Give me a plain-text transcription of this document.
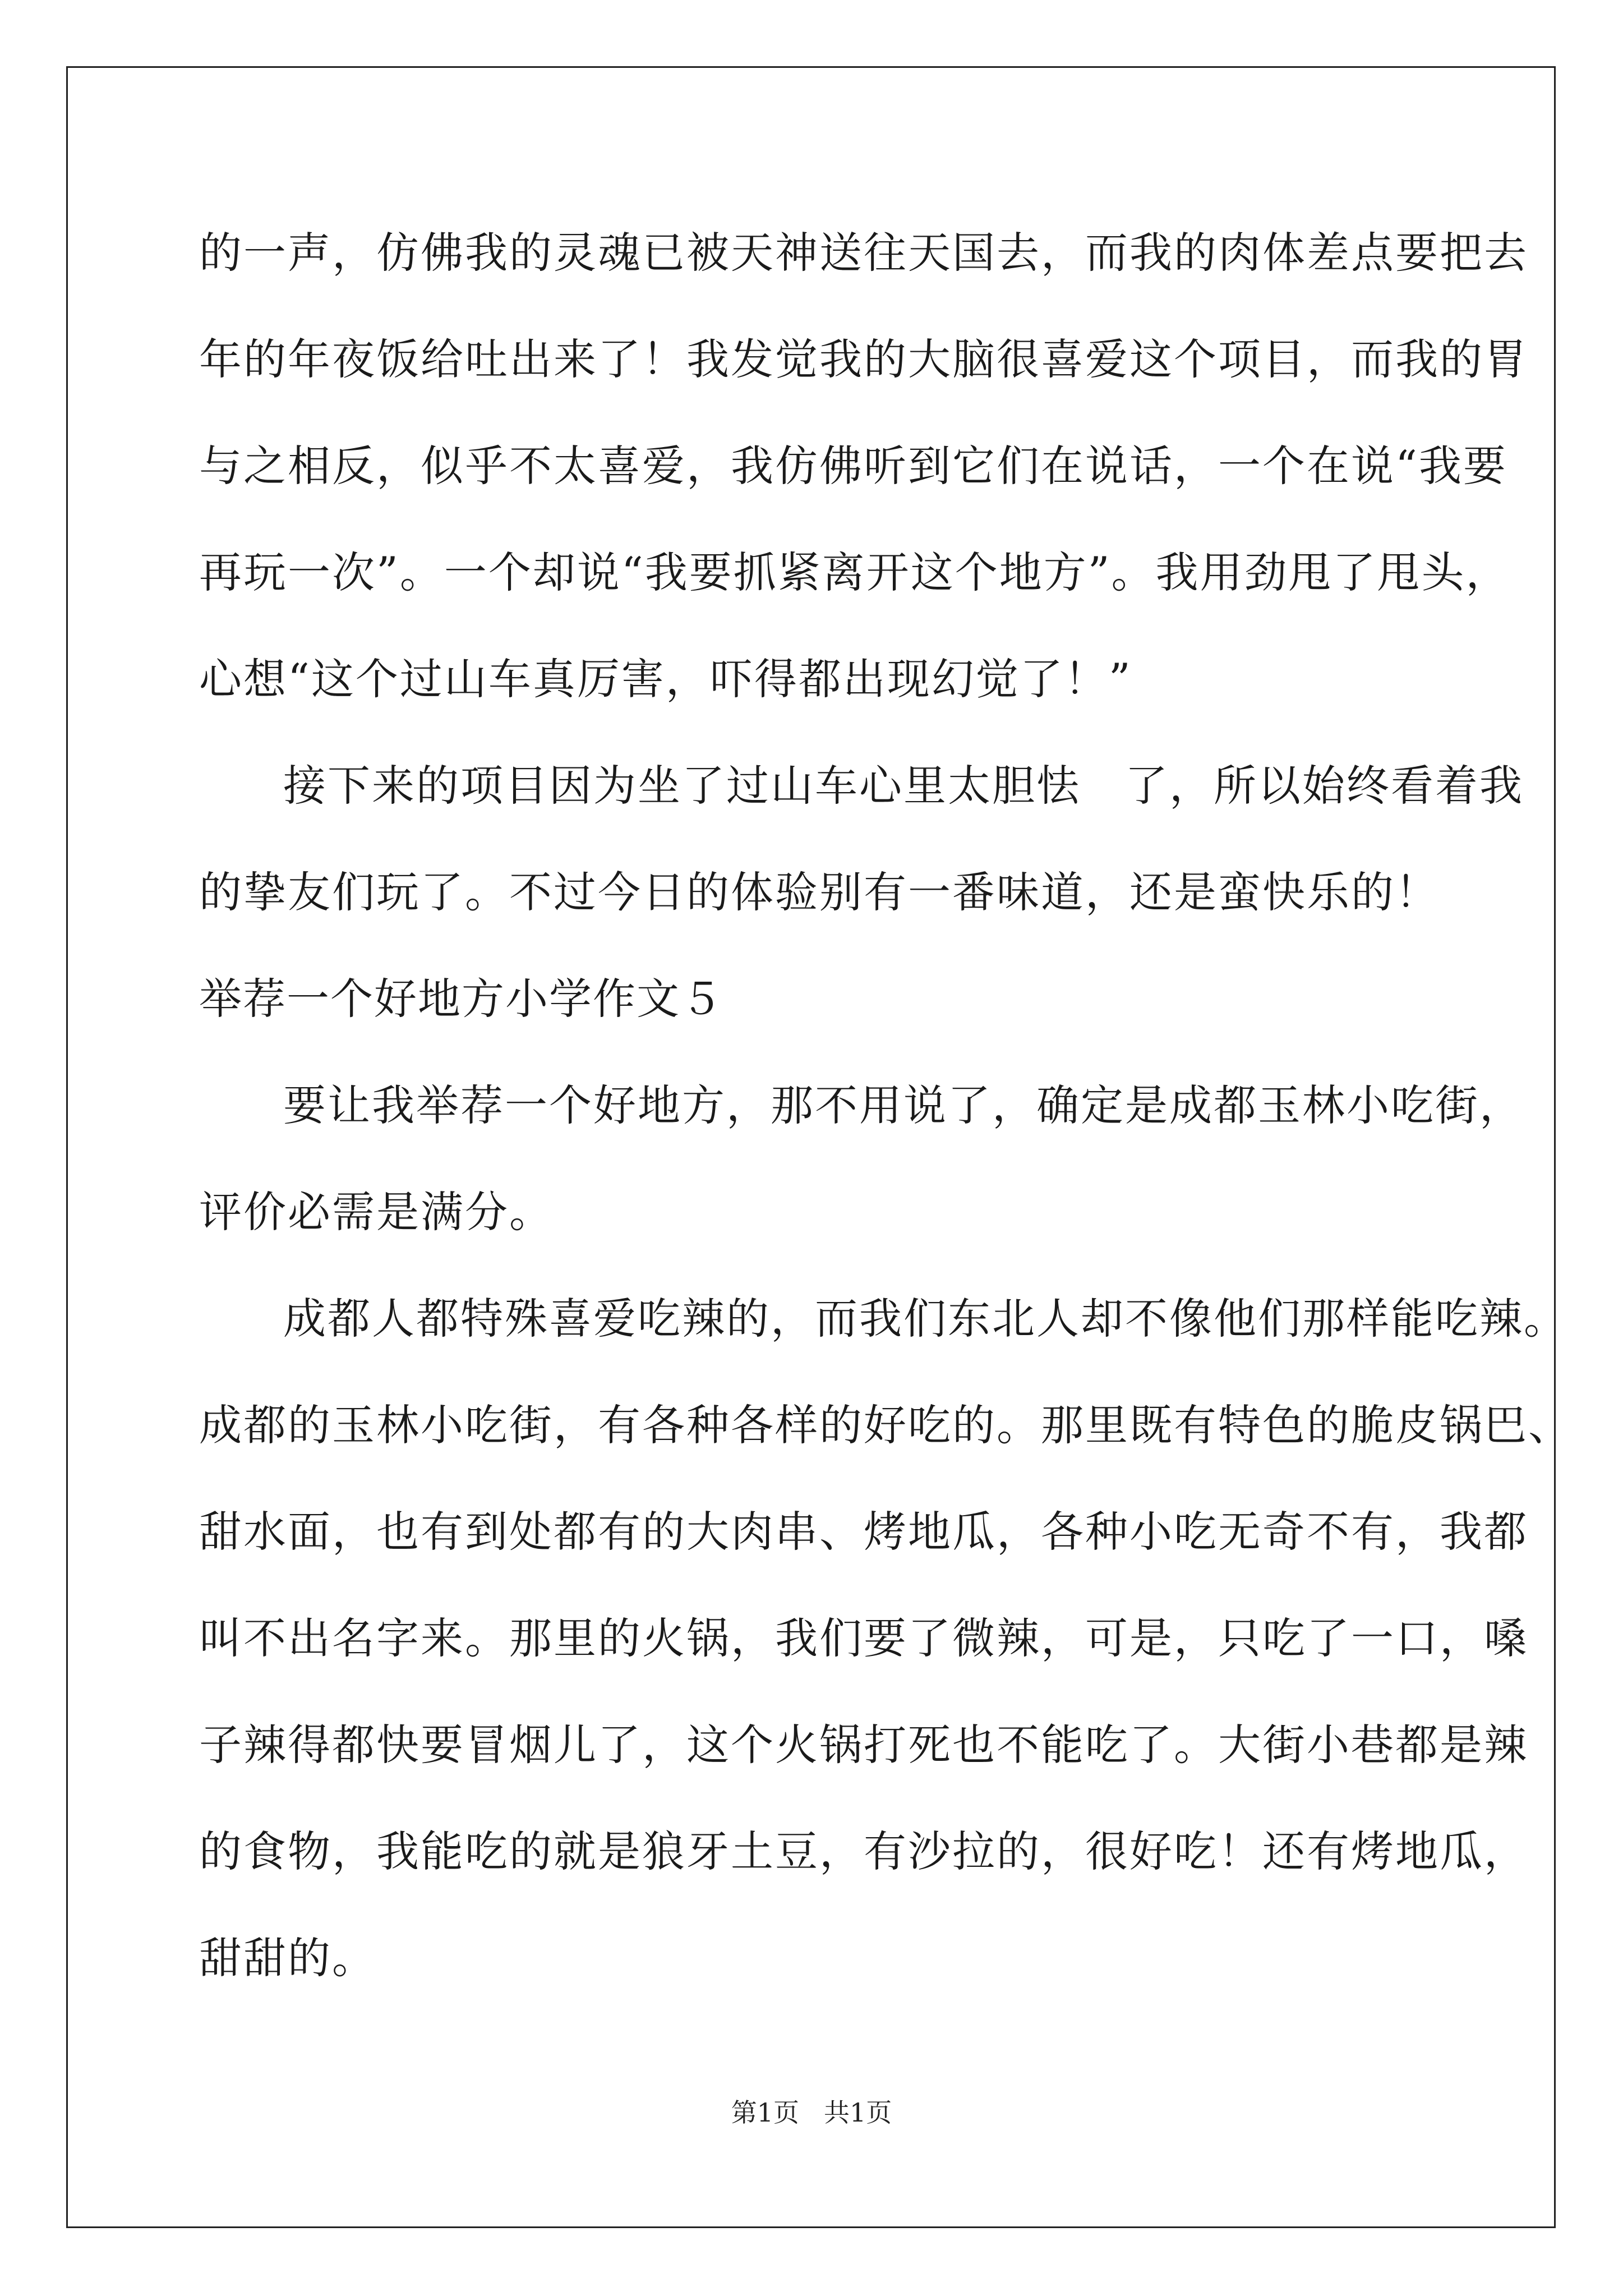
的一声，仿佛我的灵魂已被天神送往天国去，而我的肉体差点要把去
年的年夜饭给吐出来了！我发觉我的大脑很喜爱这个项目，而我的胃
与之相反，似乎不太喜爱，我仿佛听到它们在说话，一个在说“我要
再玩一次”。一个却说“我要抓紧离开这个地方”。我用劲甩了甩头，
心想“这个过山车真厉害，吓得都出现幻觉了！”
接下来的项目因为坐了过山车心里太胆怯　了，所以始终看着我
的挚友们玩了。不过今日的体验别有一番味道，还是蛮快乐的！
举荐一个好地方小学作文５
要让我举荐一个好地方，那不用说了，确定是成都玉林小吃街，
评价必需是满分。
成都人都特殊喜爱吃辣的，而我们东北人却不像他们那样能吃辣。
成都的玉林小吃街，有各种各样的好吃的。那里既有特色的脆皮锅巴、
甜水面，也有到处都有的大肉串、烤地瓜，各种小吃无奇不有，我都
叫不出名字来。那里的火锅，我们要了微辣，可是，只吃了一口，嗓
子辣得都快要冒烟儿了，这个火锅打死也不能吃了。大街小巷都是辣
的食物，我能吃的就是狼牙土豆，有沙拉的，很好吃！还有烤地瓜，
甜甜的。
第1页 共1页
